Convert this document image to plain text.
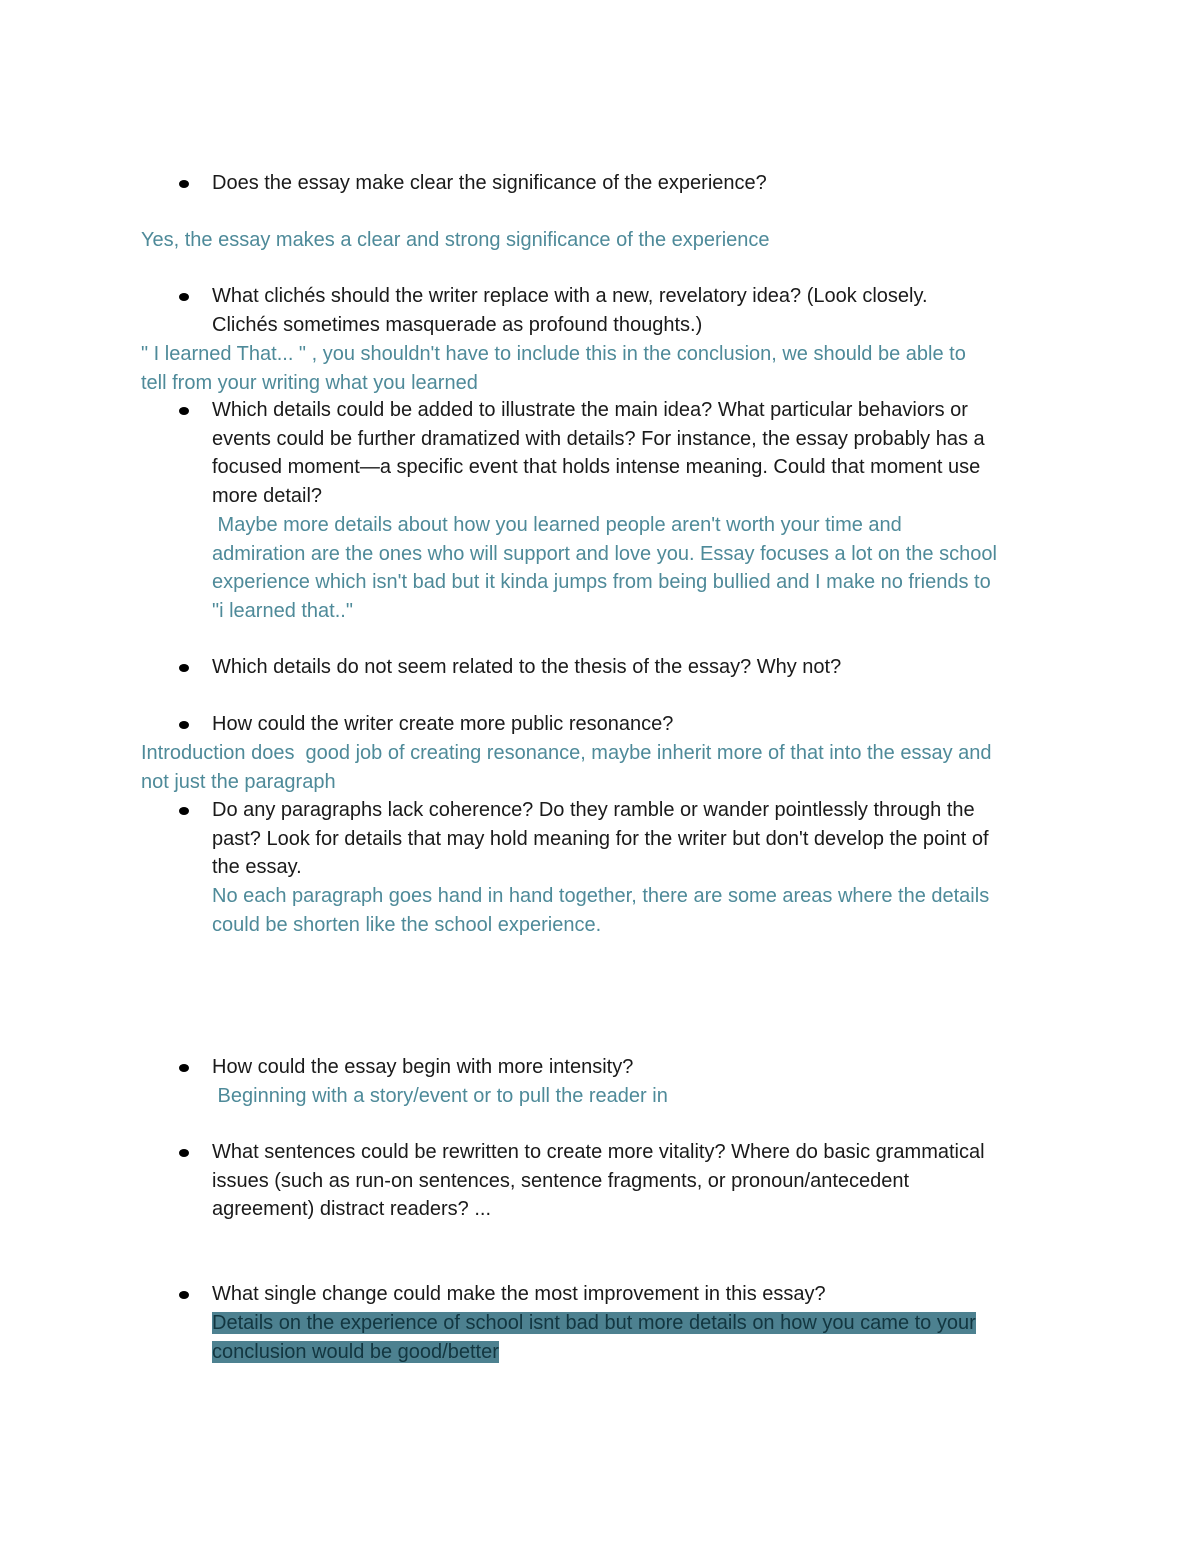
Does the essay make clear the significance of the experience?

Yes, the essay makes a clear and strong significance of the experience

What clichés should the writer replace with a new, revelatory idea? (Look closely.
Clichés sometimes masquerade as profound thoughts.)

" I learned That... " , you shouldn't have to include this in the conclusion, we should be able to
tell from your writing what you learned

Which details could be added to illustrate the main idea? What particular behaviors or
events could be further dramatized with details? For instance, the essay probably has a
focused moment—a specific event that holds intense meaning. Could that moment use
more detail?

Maybe more details about how you learned people aren't worth your time and
admiration are the ones who will support and love you. Essay focuses a lot on the school
experience which isn't bad but it kinda jumps from being bullied and I make no friends to
"i learned that.."

Which details do not seem related to the thesis of the essay? Why not?

How could the writer create more public resonance?

Introduction does  good job of creating resonance, maybe inherit more of that into the essay and
not just the paragraph

Do any paragraphs lack coherence? Do they ramble or wander pointlessly through the
past? Look for details that may hold meaning for the writer but don't develop the point of
the essay.

No each paragraph goes hand in hand together, there are some areas where the details
could be shorten like the school experience.

How could the essay begin with more intensity?

Beginning with a story/event or to pull the reader in

What sentences could be rewritten to create more vitality? Where do basic grammatical
issues (such as run-on sentences, sentence fragments, or pronoun/antecedent
agreement) distract readers? ...

What single change could make the most improvement in this essay?

Details on the experience of school isnt bad but more details on how you came to your
conclusion would be good/better
